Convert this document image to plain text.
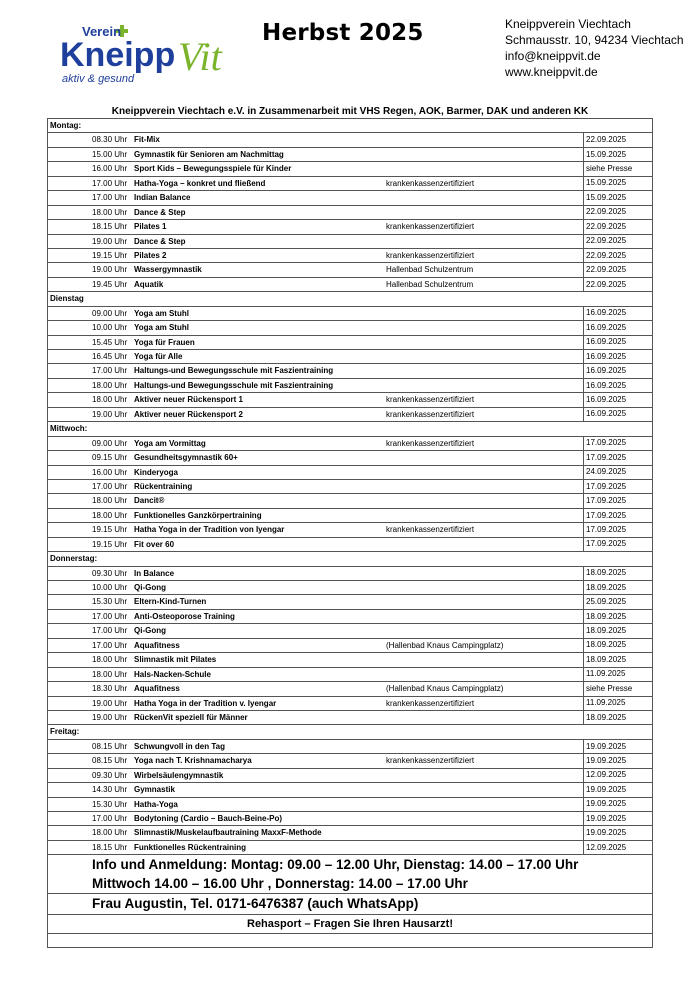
Verein
Kneipp Vit
aktiv & gesund
Herbst 2025	Kneippverein Viechtach
Schmausstr. 10, 94234 Viechtach
info@kneippvit.de
www.kneippvit.de
Kneippverein Viechtach e.V. in Zusammenarbeit mit VHS Regen, AOK, Barmer, DAK und anderen KK
Montag:	

08.30 Uhr Fit-Mix	22.09.2025

15.00 Uhr Gymnastik für Senioren am Nachmittag	15.09.2025

16.00 Uhr Sport Kids – Bewegungsspiele für Kinder	siehe Presse

17.00 Uhr Hatha-Yoga – konkret und fließend krankenkassenzertifiziert	15.09.2025

17.00 Uhr Indian Balance	15.09.2025

18.00 Uhr Dance & Step	22.09.2025

18.15 Uhr Pilates 1 krankenkassenzertifiziert	22.09.2025

19.00 Uhr Dance & Step	22.09.2025

19.15 Uhr Pilates 2 krankenkassenzertifiziert	22.09.2025

19.00 Uhr Wassergymnastik Hallenbad Schulzentrum	22.09.2025

19.45 Uhr Aquatik Hallenbad Schulzentrum	22.09.2025
Dienstag	

09.00 Uhr Yoga am Stuhl	16.09.2025

10.00 Uhr Yoga am Stuhl	16.09.2025

15.45 Uhr Yoga für Frauen	16.09.2025

16.45 Uhr Yoga für Alle	16.09.2025

17.00 Uhr Haltungs-und Bewegungsschule mit Faszientraining	16.09.2025

18.00 Uhr Haltungs-und Bewegungsschule mit Faszientraining	16.09.2025

18.00 Uhr Aktiver neuer Rückensport 1 krankenkassenzertifiziert	16.09.2025

19.00 Uhr Aktiver neuer Rückensport 2 krankenkassenzertifiziert	16.09.2025
Mittwoch:	

09.00 Uhr Yoga am Vormittag krankenkassenzertifiziert	17.09.2025

09.15 Uhr Gesundheitsgymnastik 60+	17.09.2025

16.00 Uhr Kinderyoga	24.09.2025

17.00 Uhr Rückentraining	17.09.2025

18.00 Uhr Dancit®	17.09.2025

18.00 Uhr Funktionelles Ganzkörpertraining	17.09.2025

19.15 Uhr Hatha Yoga in der Tradition von Iyengar krankenkassenzertifiziert	17.09.2025

19.15 Uhr Fit over 60	17.09.2025
Donnerstag:	

09.30 Uhr In Balance	18.09.2025

10.00 Uhr Qi-Gong	18.09.2025

15.30 Uhr Eltern-Kind-Turnen	25.09.2025

17.00 Uhr Anti-Osteoporose Training	18.09.2025

17.00 Uhr Qi-Gong	18.09.2025

17.00 Uhr Aquafitness (Hallenbad Knaus Campingplatz)	18.09.2025

18.00 Uhr Slimnastik mit Pilates	18.09.2025

18.00 Uhr Hals-Nacken-Schule	11.09.2025

18.30 Uhr Aquafitness (Hallenbad Knaus Campingplatz)	siehe Presse

19.00 Uhr Hatha Yoga in der Tradition v. Iyengar krankenkassenzertifiziert	11.09.2025

19.00 Uhr RückenVit speziell für Männer	18.09.2025
Freitag:	

08.15 Uhr Schwungvoll in den Tag	19.09.2025

08.15 Uhr Yoga nach T. Krishnamacharya krankenkassenzertifiziert	19.09.2025

09.30 Uhr Wirbelsäulengymnastik	12.09.2025

14.30 Uhr Gymnastik	19.09.2025

15.30 Uhr Hatha-Yoga	19.09.2025

17.00 Uhr Bodytoning (Cardio – Bauch-Beine-Po)	19.09.2025

18.00 Uhr Slimnastik/Muskelaufbautraining MaxxF-Methode	19.09.2025

18.15 Uhr Funktionelles Rückentraining	12.09.2025
Info und Anmeldung: Montag: 09.00 – 12.00 Uhr, Dienstag: 14.00 – 17.00 Uhr	
Mittwoch 14.00 – 16.00 Uhr , Donnerstag: 14.00 – 17.00 Uhr	
Frau Augustin, Tel. 0171-6476387 (auch WhatsApp)	
Rehasport – Fragen Sie Ihren Hausarzt!	
